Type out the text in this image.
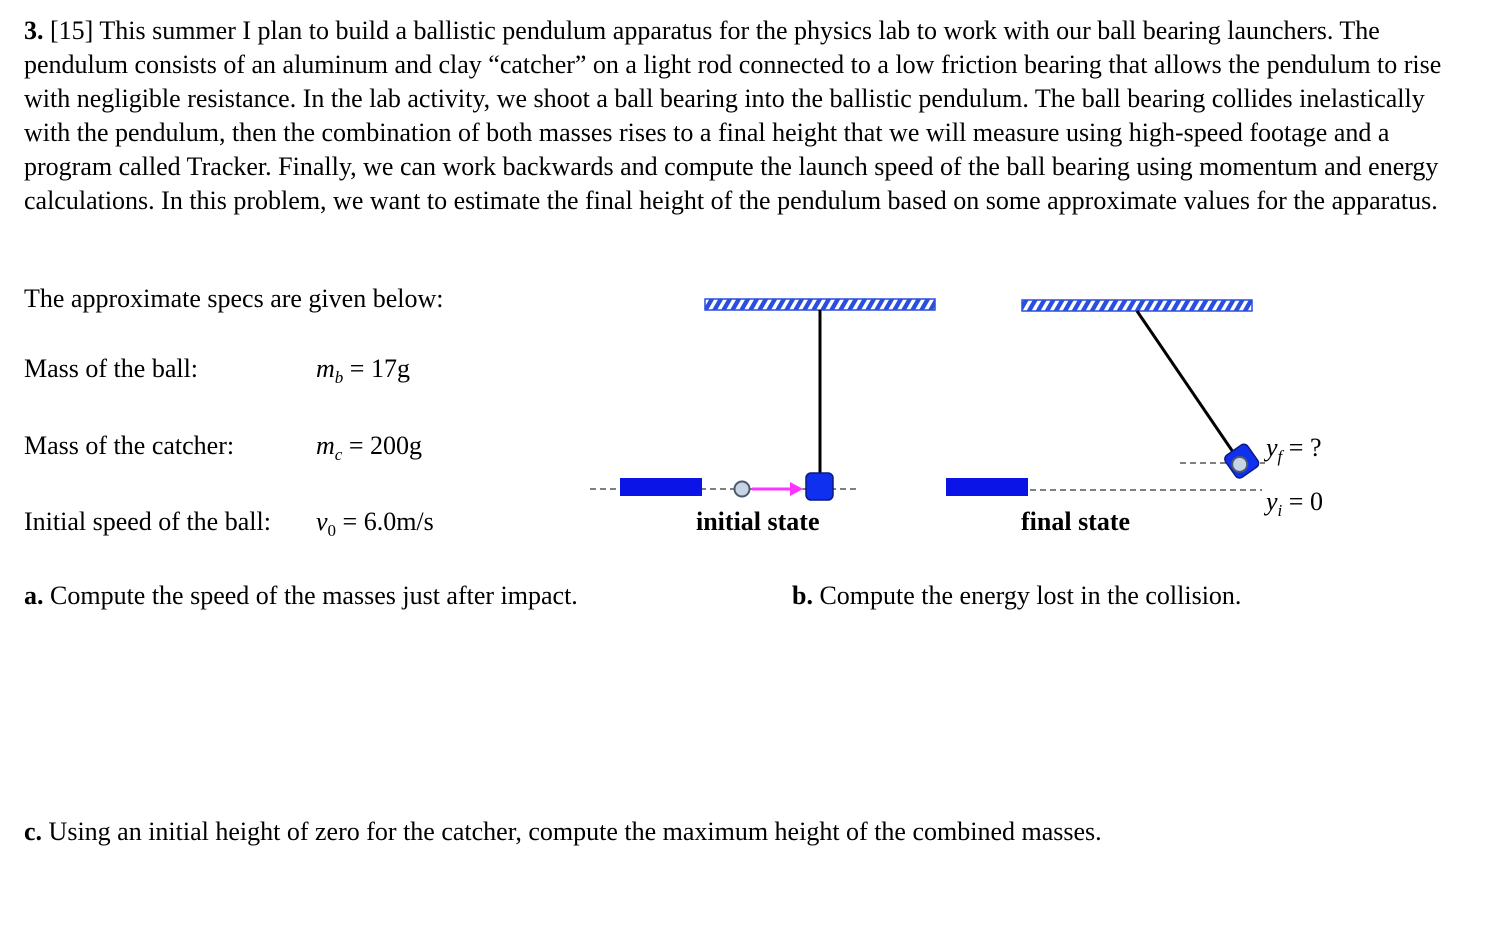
3. [15] This summer I plan to build a ballistic pendulum apparatus for the physics lab to work with our ball bearing launchers. The pendulum consists of an aluminum and clay “catcher” on a light rod connected to a low friction bearing that allows the pendulum to rise with negligible resistance. In the lab activity, we shoot a ball bearing into the ballistic pendulum. The ball bearing collides inelastically with the pendulum, then the combination of both masses rises to a final height that we will measure using high-speed footage and a program called Tracker. Finally, we can work backwards and compute the launch speed of the ball bearing using momentum and energy calculations. In this problem, we want to estimate the final height of the pendulum based on some approximate values for the apparatus.

The approximate specs are given below:
Mass of the ball:	$m_b = 17g$
Mass of the catcher:	$m_c = 200g$
Initial speed of the ball: $v_0 = 6.0m/s$
$y_f$ = ?
$y_i = 0$
initial state	final state
a. Compute the speed of the masses just after impact.	b. Compute the energy lost in the collision.
c. Using an initial height of zero for the catcher, compute the maximum height of the combined masses.
